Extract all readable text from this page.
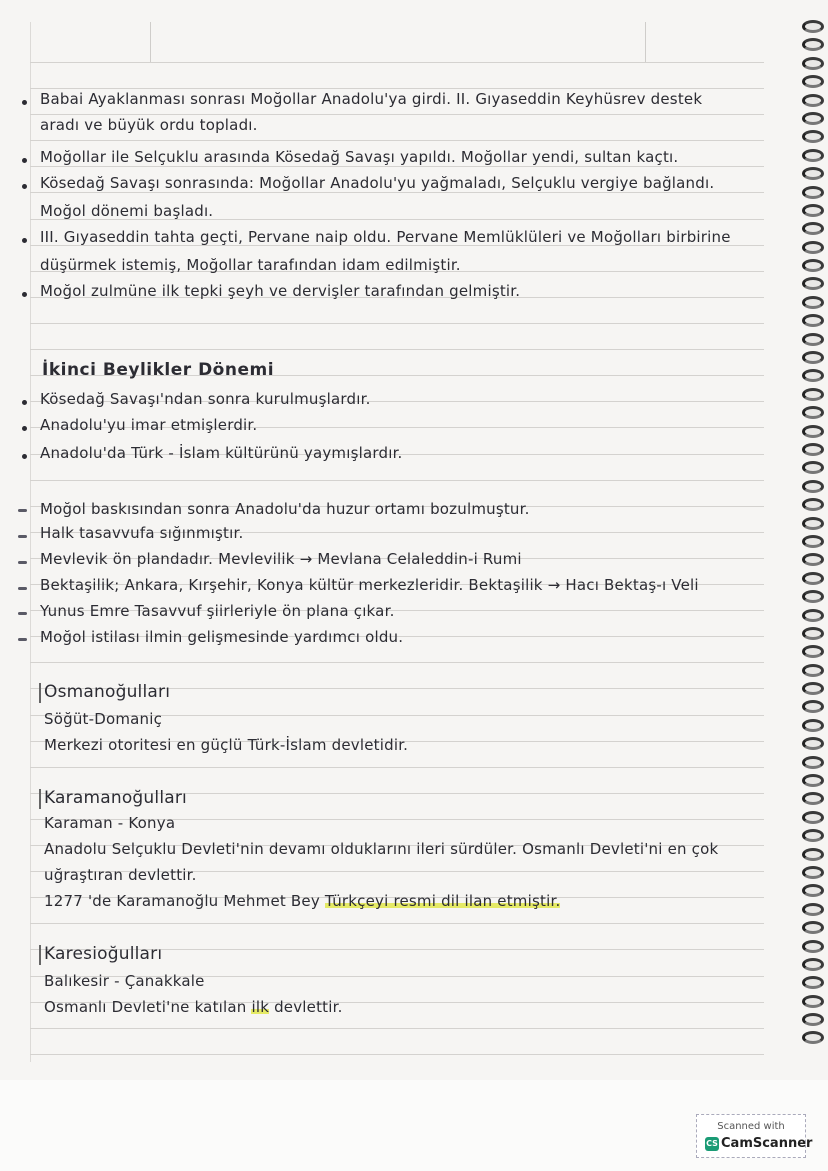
Babai Ayaklanması sonrası Moğollar Anadolu'ya girdi. II. Gıyaseddin Keyhüsrev destek
aradı ve büyük ordu topladı.
Moğollar ile Selçuklu arasında Kösedağ Savaşı yapıldı. Moğollar yendi, sultan kaçtı.
Kösedağ Savaşı sonrasında: Moğollar Anadolu'yu yağmaladı, Selçuklu vergiye bağlandı.
Moğol dönemi başladı.
III. Gıyaseddin tahta geçti, Pervane naip oldu. Pervane Memlüklüleri ve Moğolları birbirine
düşürmek istemiş, Moğollar tarafından idam edilmiştir.
Moğol zulmüne ilk tepki şeyh ve dervişler tarafından gelmiştir.
İkinci Beylikler Dönemi
Kösedağ Savaşı'ndan sonra kurulmuşlardır.
Anadolu'yu imar etmişlerdir.
Anadolu'da Türk - İslam kültürünü yaymışlardır.
Moğol baskısından sonra Anadolu'da huzur ortamı bozulmuştur.
Halk tasavvufa sığınmıştır.
Mevlevik ön plandadır. Mevlevilik → Mevlana Celaleddin-i Rumi
Bektaşilik; Ankara, Kırşehir, Konya kültür merkezleridir. Bektaşilik → Hacı Bektaş-ı Veli
Yunus Emre Tasavvuf şiirleriyle ön plana çıkar.
Moğol istilası ilmin gelişmesinde yardımcı oldu.
Osmanoğulları
Söğüt-Domaniç
Merkezi otoritesi en güçlü Türk-İslam devletidir.
Karamanoğulları
Karaman - Konya
Anadolu Selçuklu Devleti'nin devamı olduklarını ileri sürdüler. Osmanlı Devleti'ni en çok
uğraştıran devlettir.
1277 'de Karamanoğlu Mehmet Bey Türkçeyi resmi dil ilan etmiştir.
Karesioğulları
Balıkesir - Çanakkale
Osmanlı Devleti'ne katılan ilk devlettir.
Scanned with
CS CamScanner
